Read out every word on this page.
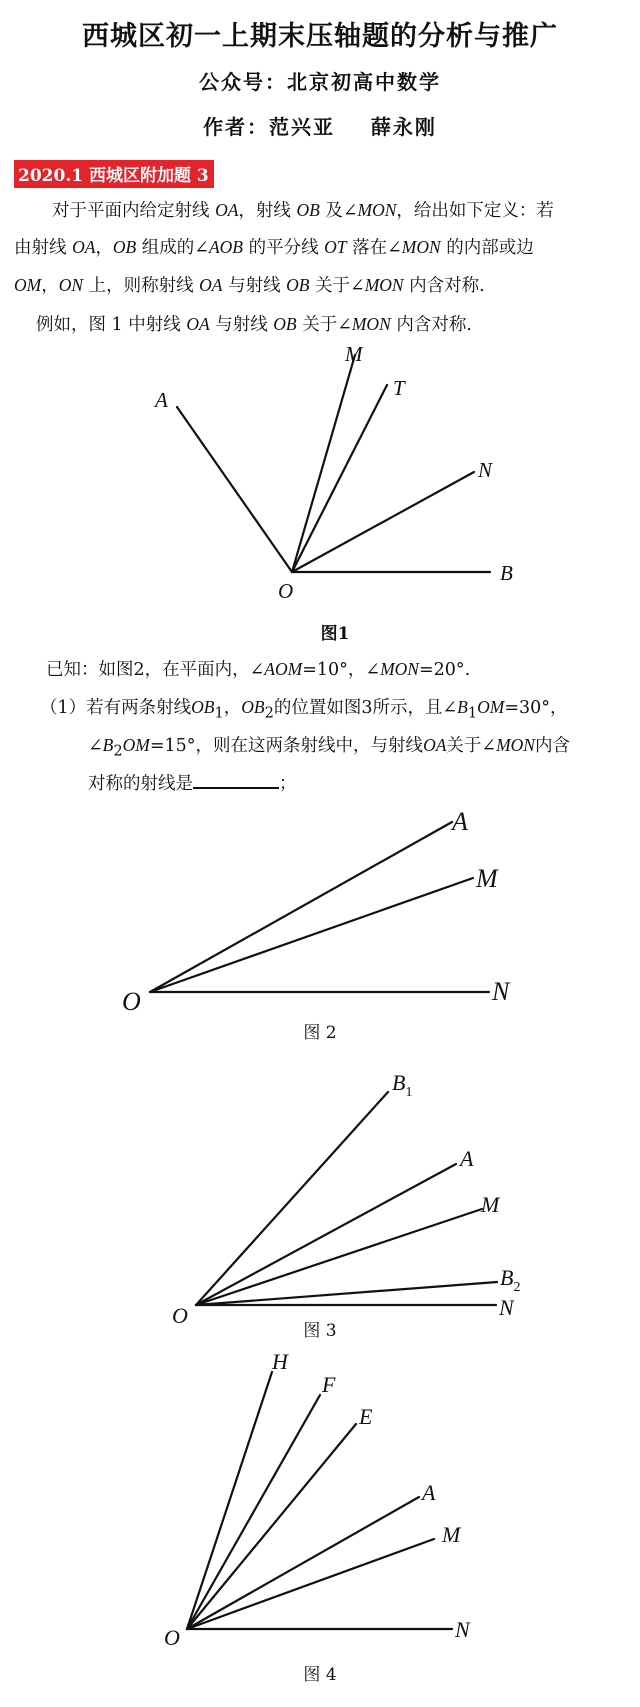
西城区初一上期末压轴题的分析与推广
公众号：北京初高中数学
作者：范兴亚    薛永刚
2020.1 西城区附加题 3
对于平面内给定射线 OA，射线 OB 及∠MON，给出如下定义：若
由射线 OA，OB 组成的∠AOB 的平分线 OT 落在∠MON 的内部或边
OM，ON 上，则称射线 OA 与射线 OB 关于∠MON 内含对称.
例如，图 1 中射线 OA 与射线 OB 关于∠MON 内含对称.
A
M
T
N
B
O
图1
已知：如图2，在平面内，∠AOM=10°，∠MON=20°.
（1）若有两条射线$OB_1$，$OB_2$的位置如图3所示，且$\angle B_1OM=30^\circ$，
$\angle B_2OM=15^\circ$，则在这两条射线中，与射线OA关于∠MON内含
对称的射线是	；
A
M
N
O
图 2
$B_1$
A
M
$B_2$
N
O
图 3
H
F
E
A
M
N
O
图 4
